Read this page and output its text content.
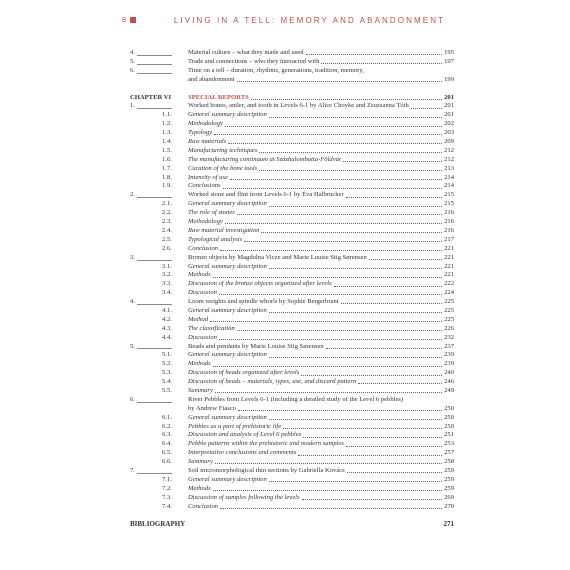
8	LIVING IN A TELL: MEMORY AND ABANDONMENT
4.	Material culture – what they made and used	195
5.	Trade and connections – who they interacted with	197
6.	Time on a tell – duration, rhythms, generations, tradition, memory,
and abandonment	199
CHAPTER VI	SPECIAL REPORTS	201
1.	Worked bones, antler, and tooth in Levels 6-1 by Alice Choyke and Zsuzsanna Tóth	201
1.1. General summary description	201
1.2. Methodology	202
1.3. Typology	203
1.4. Raw materials	209
1.5. Manufacturing techniques	212
1.6. The manufacturing continuum at Százhalombatta-Földvár	212
1.7. Curation of the bone tools	213
1.8. Intensity of use	214
1.9. Conclusions	214
2.	Worked stone and flint from Levels 6-1 by Éva Halbrucker	215
2.1. General summary description	215
2.2. The role of stones	216
2.3. Methodology	216
2.4. Raw material investigation	216
2.5. Typological analysis	217
2.6. Conclusion	221
3.	Bronze objects by Magdolna Vicze and Marie Louise Stig Sørensen	221
3.1. General summary description	221
3.2. Methods	221
3.3. Discussion of the bronze objects organized after levels	222
3.4. Discussion	224
4.	Loom weights and spindle whorls by Sophie Bergerbrant	225
4.1. General summary description	225
4.2. Method	225
4.3. The classification	226
4.4. Discussion	232
5.	Beads and pendants by Marie Louise Stig Sørensen	237
5.1. General summary description	239
5.2. Methods	239
5.3. Discussion of beads organized after levels	240
5.4. Discussion of beads – materials, types, use, and discard pattern	246
5.5. Summary	249
6.	River Pebbles from Levels 6-1 (including a detailed study of the Level 6 pebbles)
by Andrew Fiasco	250
6.1. General summary description	250
6.2. Pebbles as a part of prehistoric life	250
6.3. Discussion and analysis of Level 6 pebbles	251
6.4. Pebble patterns within the prehistoric and modern samples	253
6.5. Interpretative conclusions and comments	257
6.6. Summary	258
7.	Soil micromorphological thin sections by Gabriella Kovács	259
7.1. General summary description	259
7.2. Methods	259
7.3. Discussion of samples following the levels	260
7.4. Conclusion	270
BIBLIOGRAPHY	271
